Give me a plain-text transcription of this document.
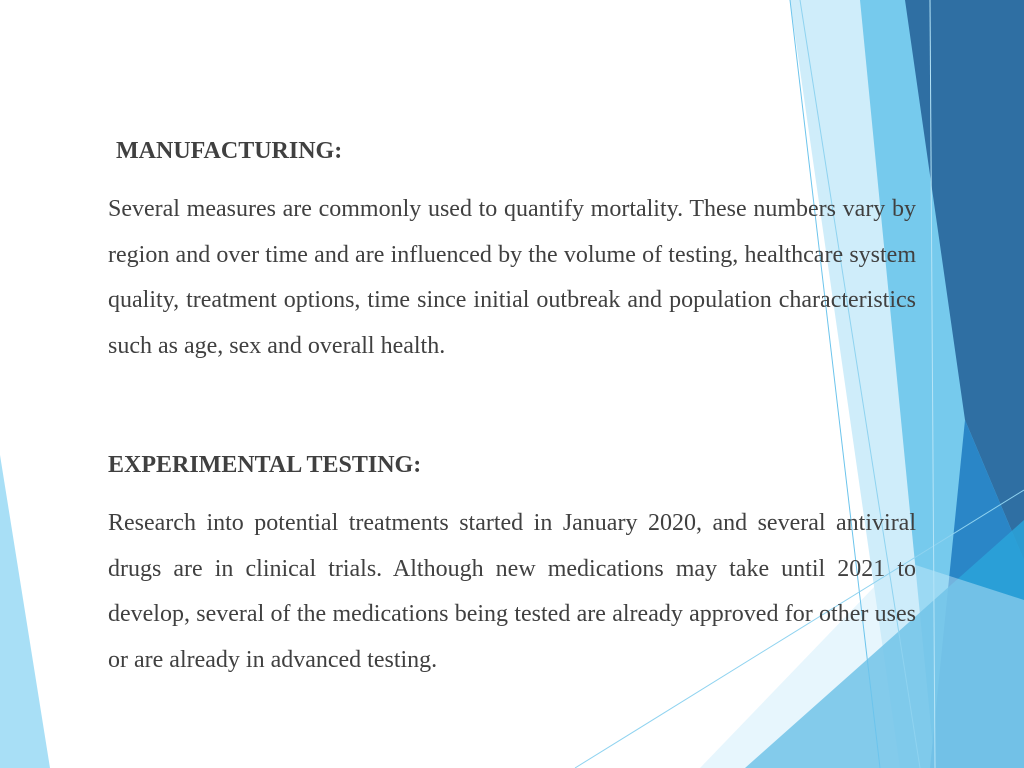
MANUFACTURING:

Several measures are commonly used to quantify mortality. These numbers vary by region and over time and are influenced by the volume of testing, healthcare system quality, treatment options, time since initial outbreak and population characteristics such as age, sex and overall health.

EXPERIMENTAL TESTING:

Research into potential treatments started in January 2020, and several antiviral drugs are in clinical trials. Although new medications may take until 2021 to develop, several of the medications being tested are already approved for other uses or are already in advanced testing.
